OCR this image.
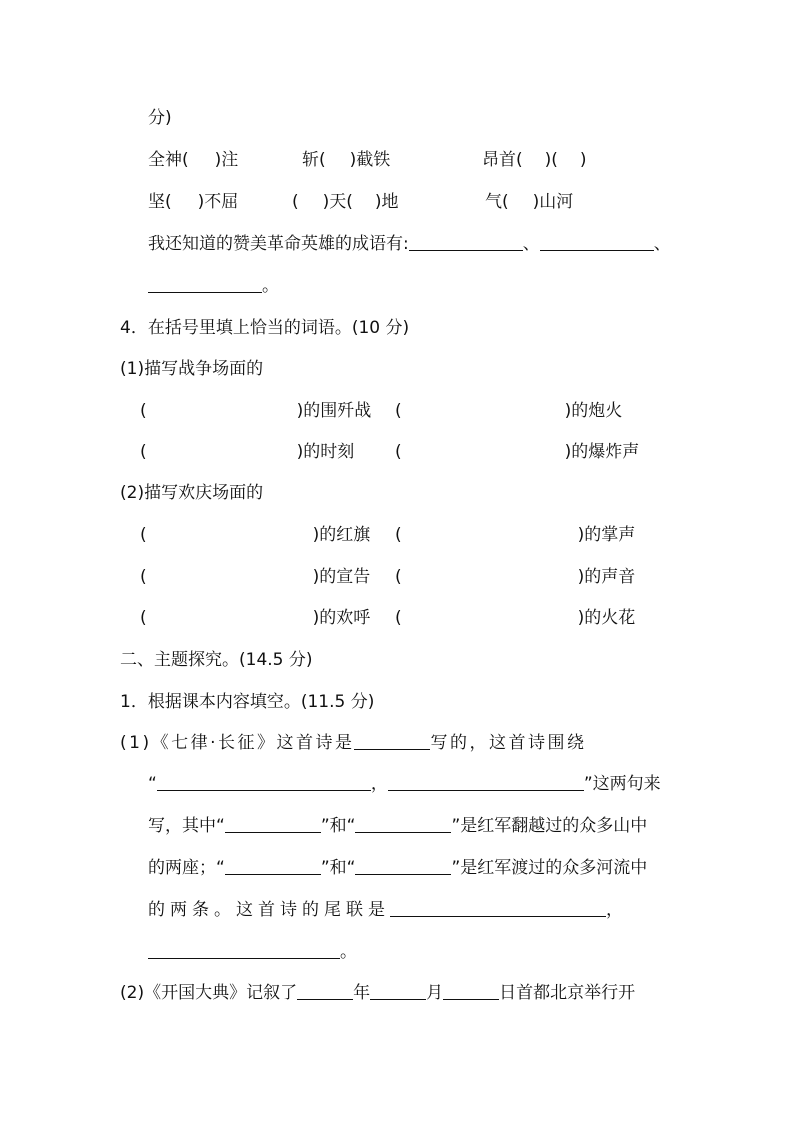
分)
全神( )注	斩( )截铁	昂首( )( )
坚( )不屈	( )天( )地	气( )山河
我还知道的赞美革命英雄的成语有:	、	、
。
4．在括号里填上恰当的词语。(10 分)
(1)描写战争场面的
(	)的围歼战 (	)的炮火
(	)的时刻 (	)的爆炸声
(2)描写欢庆场面的
(	)的红旗 (	)的掌声
(	)的宣告 (	)的声音
(	)的欢呼 (	)的火花
二、主题探究。(14.5 分)
1．根据课本内容填空。(11.5 分)
(1)《七律·长征》这首诗是	写的，这首诗围绕
“	，	”这两句来
写，其中“	”和“	”是红军翻越过的众多山中
的两座；“	”和“	”是红军渡过的众多河流中
的两条。这首诗的尾联是	，
。
(2)《开国大典》记叙了	年	月	日首都北京举行开
